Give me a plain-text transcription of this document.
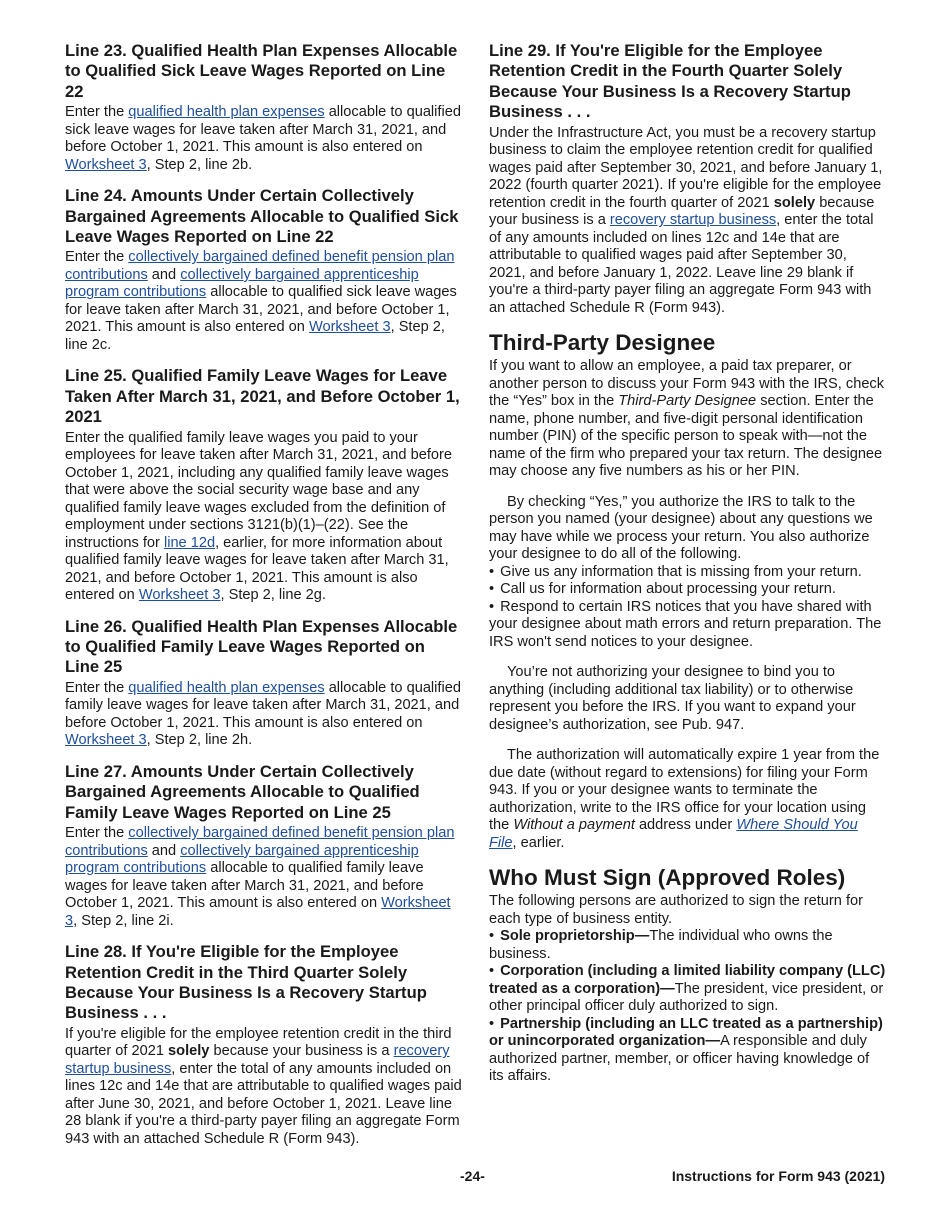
Line 23. Qualified Health Plan Expenses Allocable to Qualified Sick Leave Wages Reported on Line 22

Enter the qualified health plan expenses allocable to qualified sick leave wages for leave taken after March 31, 2021, and before October 1, 2021. This amount is also entered on Worksheet 3, Step 2, line 2b.

Line 24. Amounts Under Certain Collectively Bargained Agreements Allocable to Qualified Sick Leave Wages Reported on Line 22

Enter the collectively bargained defined benefit pension plan contributions and collectively bargained apprenticeship program contributions allocable to qualified sick leave wages for leave taken after March 31, 2021, and before October 1, 2021. This amount is also entered on Worksheet 3, Step 2, line 2c.

Line 25. Qualified Family Leave Wages for Leave Taken After March 31, 2021, and Before October 1, 2021

Enter the qualified family leave wages you paid to your employees for leave taken after March 31, 2021, and before October 1, 2021, including any qualified family leave wages that were above the social security wage base and any qualified family leave wages excluded from the definition of employment under sections 3121(b)(1)–(22). See the instructions for line 12d, earlier, for more information about qualified family leave wages for leave taken after March 31, 2021, and before October 1, 2021. This amount is also entered on Worksheet 3, Step 2, line 2g.

Line 26. Qualified Health Plan Expenses Allocable to Qualified Family Leave Wages Reported on Line 25

Enter the qualified health plan expenses allocable to qualified family leave wages for leave taken after March 31, 2021, and before October 1, 2021. This amount is also entered on Worksheet 3, Step 2, line 2h.

Line 27. Amounts Under Certain Collectively Bargained Agreements Allocable to Qualified Family Leave Wages Reported on Line 25

Enter the collectively bargained defined benefit pension plan contributions and collectively bargained apprenticeship program contributions allocable to qualified family leave wages for leave taken after March 31, 2021, and before October 1, 2021. This amount is also entered on Worksheet 3, Step 2, line 2i.

Line 28. If You're Eligible for the Employee Retention Credit in the Third Quarter Solely Because Your Business Is a Recovery Startup Business . . .

If you're eligible for the employee retention credit in the third quarter of 2021 solely because your business is a recovery startup business, enter the total of any amounts included on lines 12c and 14e that are attributable to qualified wages paid after June 30, 2021, and before October 1, 2021. Leave line 28 blank if you're a third-party payer filing an aggregate Form 943 with an attached Schedule R (Form 943).

Line 29. If You're Eligible for the Employee Retention Credit in the Fourth Quarter Solely Because Your Business Is a Recovery Startup Business . . .

Under the Infrastructure Act, you must be a recovery startup business to claim the employee retention credit for qualified wages paid after September 30, 2021, and before January 1, 2022 (fourth quarter 2021). If you're eligible for the employee retention credit in the fourth quarter of 2021 solely because your business is a recovery startup business, enter the total of any amounts included on lines 12c and 14e that are attributable to qualified wages paid after September 30, 2021, and before January 1, 2022. Leave line 29 blank if you're a third-party payer filing an aggregate Form 943 with an attached Schedule R (Form 943).

Third-Party Designee

If you want to allow an employee, a paid tax preparer, or another person to discuss your Form 943 with the IRS, check the “Yes” box in the Third-Party Designee section. Enter the name, phone number, and five-digit personal identification number (PIN) of the specific person to speak with—not the name of the firm who prepared your tax return. The designee may choose any five numbers as his or her PIN.

By checking “Yes,” you authorize the IRS to talk to the person you named (your designee) about any questions we may have while we process your return. You also authorize your designee to do all of the following.

• Give us any information that is missing from your return.

• Call us for information about processing your return.

• Respond to certain IRS notices that you have shared with your designee about math errors and return preparation. The IRS won't send notices to your designee.

You’re not authorizing your designee to bind you to anything (including additional tax liability) or to otherwise represent you before the IRS. If you want to expand your designee’s authorization, see Pub. 947.

The authorization will automatically expire 1 year from the due date (without regard to extensions) for filing your Form 943. If you or your designee wants to terminate the authorization, write to the IRS office for your location using the Without a payment address under Where Should You File, earlier.

Who Must Sign (Approved Roles)

The following persons are authorized to sign the return for each type of business entity.

• Sole proprietorship—The individual who owns the business.

• Corporation (including a limited liability company (LLC) treated as a corporation)—The president, vice president, or other principal officer duly authorized to sign.

• Partnership (including an LLC treated as a partnership) or unincorporated organization—A responsible and duly authorized partner, member, or officer having knowledge of its affairs.

-24-	Instructions for Form 943 (2021)
